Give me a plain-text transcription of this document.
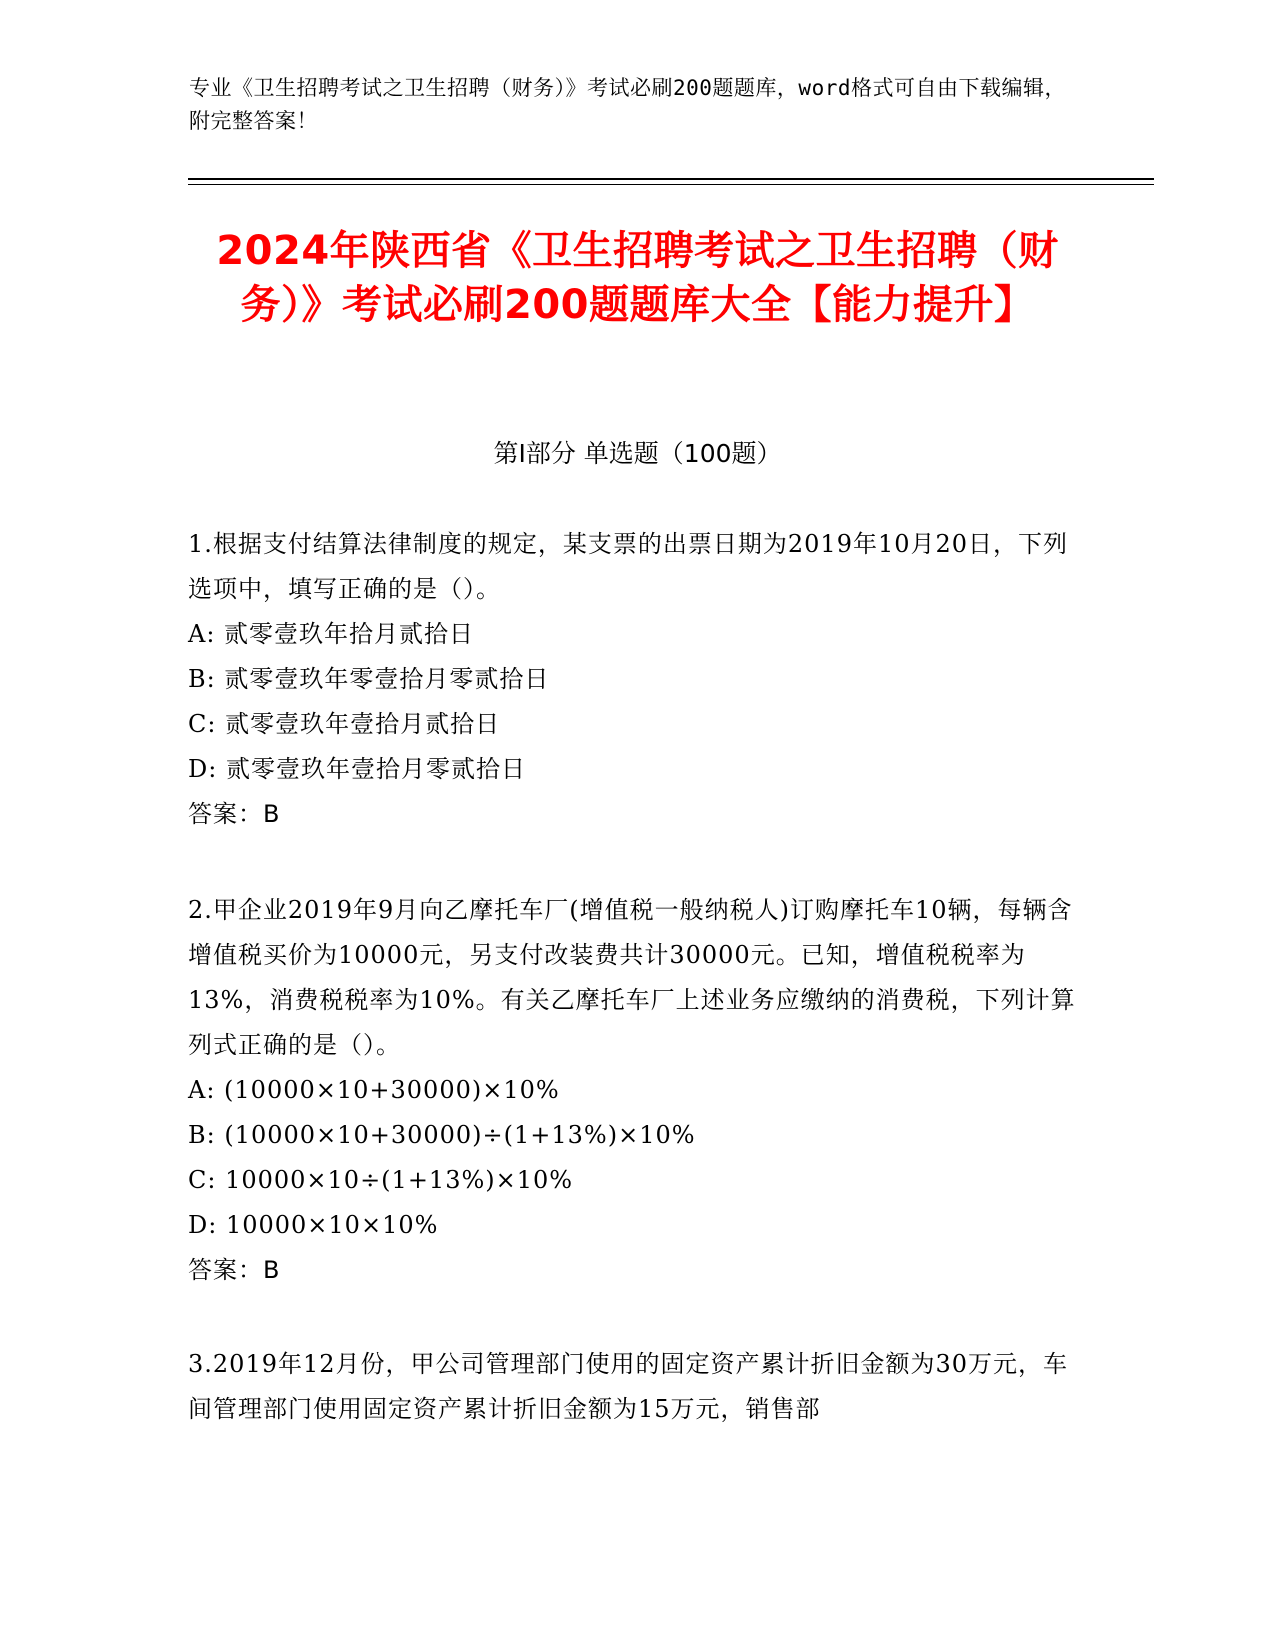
专业《卫生招聘考试之卫生招聘（财务）》考试必刷200题题库，word格式可自由下载编辑，附完整答案！
2024年陕西省《卫生招聘考试之卫生招聘（财务）》考试必刷200题题库大全【能力提升】
第I部分 单选题（100题）

1.根据支付结算法律制度的规定，某支票的出票日期为2019年10月20日，下列选项中，填写正确的是（）。

A: 贰零壹玖年拾月贰拾日

B: 贰零壹玖年零壹拾月零贰拾日

C: 贰零壹玖年壹拾月贰拾日

D: 贰零壹玖年壹拾月零贰拾日

答案：B

2.甲企业2019年9月向乙摩托车厂(增值税一般纳税人)订购摩托车10辆，每辆含增值税买价为10000元，另支付改装费共计30000元。已知，增值税税率为13%，消费税税率为10%。有关乙摩托车厂上述业务应缴纳的消费税，下列计算列式正确的是（）。

A: (10000×10+30000)×10%

B: (10000×10+30000)÷(1+13%)×10%

C: 10000×10÷(1+13%)×10%

D: 10000×10×10%

答案：B

3.2019年12月份，甲公司管理部门使用的固定资产累计折旧金额为30万元，车间管理部门使用固定资产累计折旧金额为15万元，销售部
